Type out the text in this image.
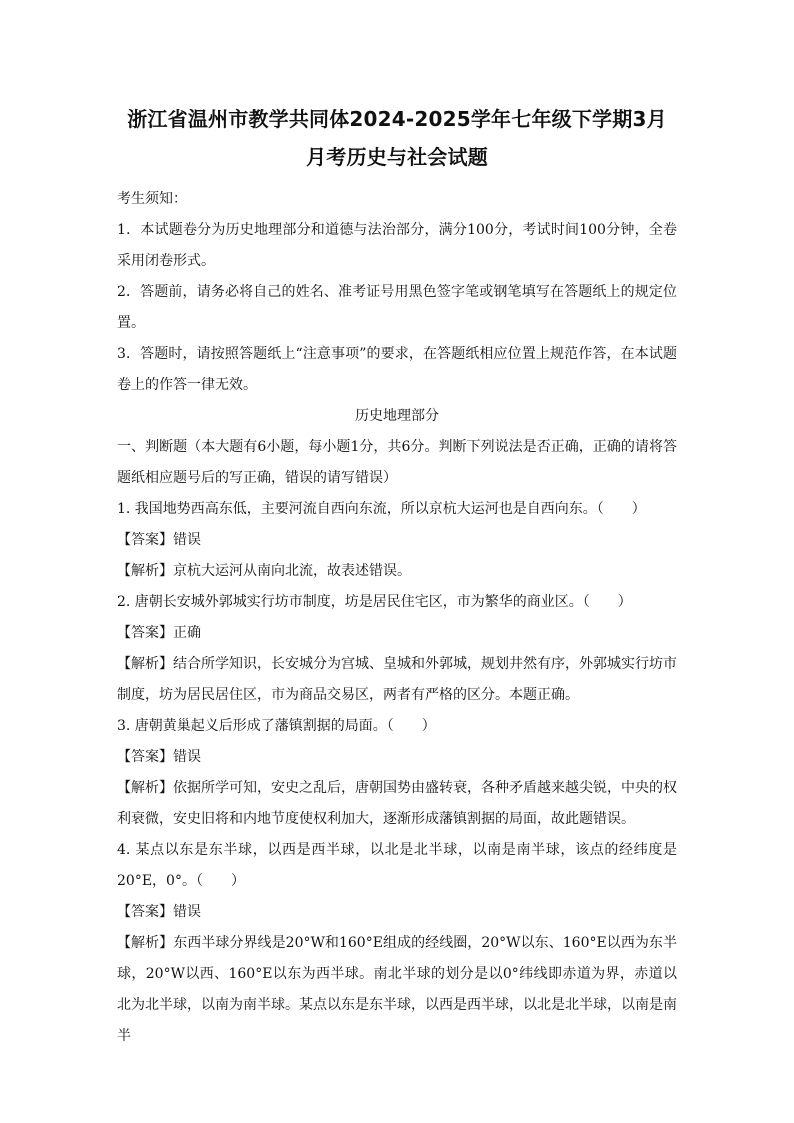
浙江省温州市教学共同体2024-2025学年七年级下学期3月
月考历史与社会试题

考生须知：

1．本试题卷分为历史地理部分和道德与法治部分，满分100分，考试时间100分钟，全卷采用闭卷形式。

2．答题前，请务必将自己的姓名、准考证号用黑色签字笔或钢笔填写在答题纸上的规定位置。

3．答题时，请按照答题纸上“注意事项”的要求，在答题纸相应位置上规范作答，在本试题卷上的作答一律无效。

历史地理部分

一、判断题（本大题有6小题，每小题1分，共6分。判断下列说法是否正确，正确的请将答题纸相应题号后的写正确，错误的请写错误）

1. 我国地势西高东低，主要河流自西向东流，所以京杭大运河也是自西向东。（　　）

【答案】错误

【解析】京杭大运河从南向北流，故表述错误。

2. 唐朝长安城外郭城实行坊市制度，坊是居民住宅区，市为繁华的商业区。（　　）

【答案】正确

【解析】结合所学知识，长安城分为宫城、皇城和外郭城，规划井然有序，外郭城实行坊市制度，坊为居民居住区，市为商品交易区，两者有严格的区分。本题正确。

3. 唐朝黄巢起义后形成了藩镇割据的局面。（　　）

【答案】错误

【解析】依据所学可知，安史之乱后，唐朝国势由盛转衰，各种矛盾越来越尖锐，中央的权利衰微，安史旧将和内地节度使权利加大，逐渐形成藩镇割据的局面，故此题错误。

4. 某点以东是东半球，以西是西半球，以北是北半球，以南是南半球，该点的经纬度是20°E，0°。（　　）

【答案】错误

【解析】东西半球分界线是20°W和160°E组成的经线圈，20°W以东、160°E以西为东半球，20°W以西、160°E以东为西半球。南北半球的划分是以0°纬线即赤道为界，赤道以北为北半球，以南为南半球。某点以东是东半球，以西是西半球，以北是北半球，以南是南半
